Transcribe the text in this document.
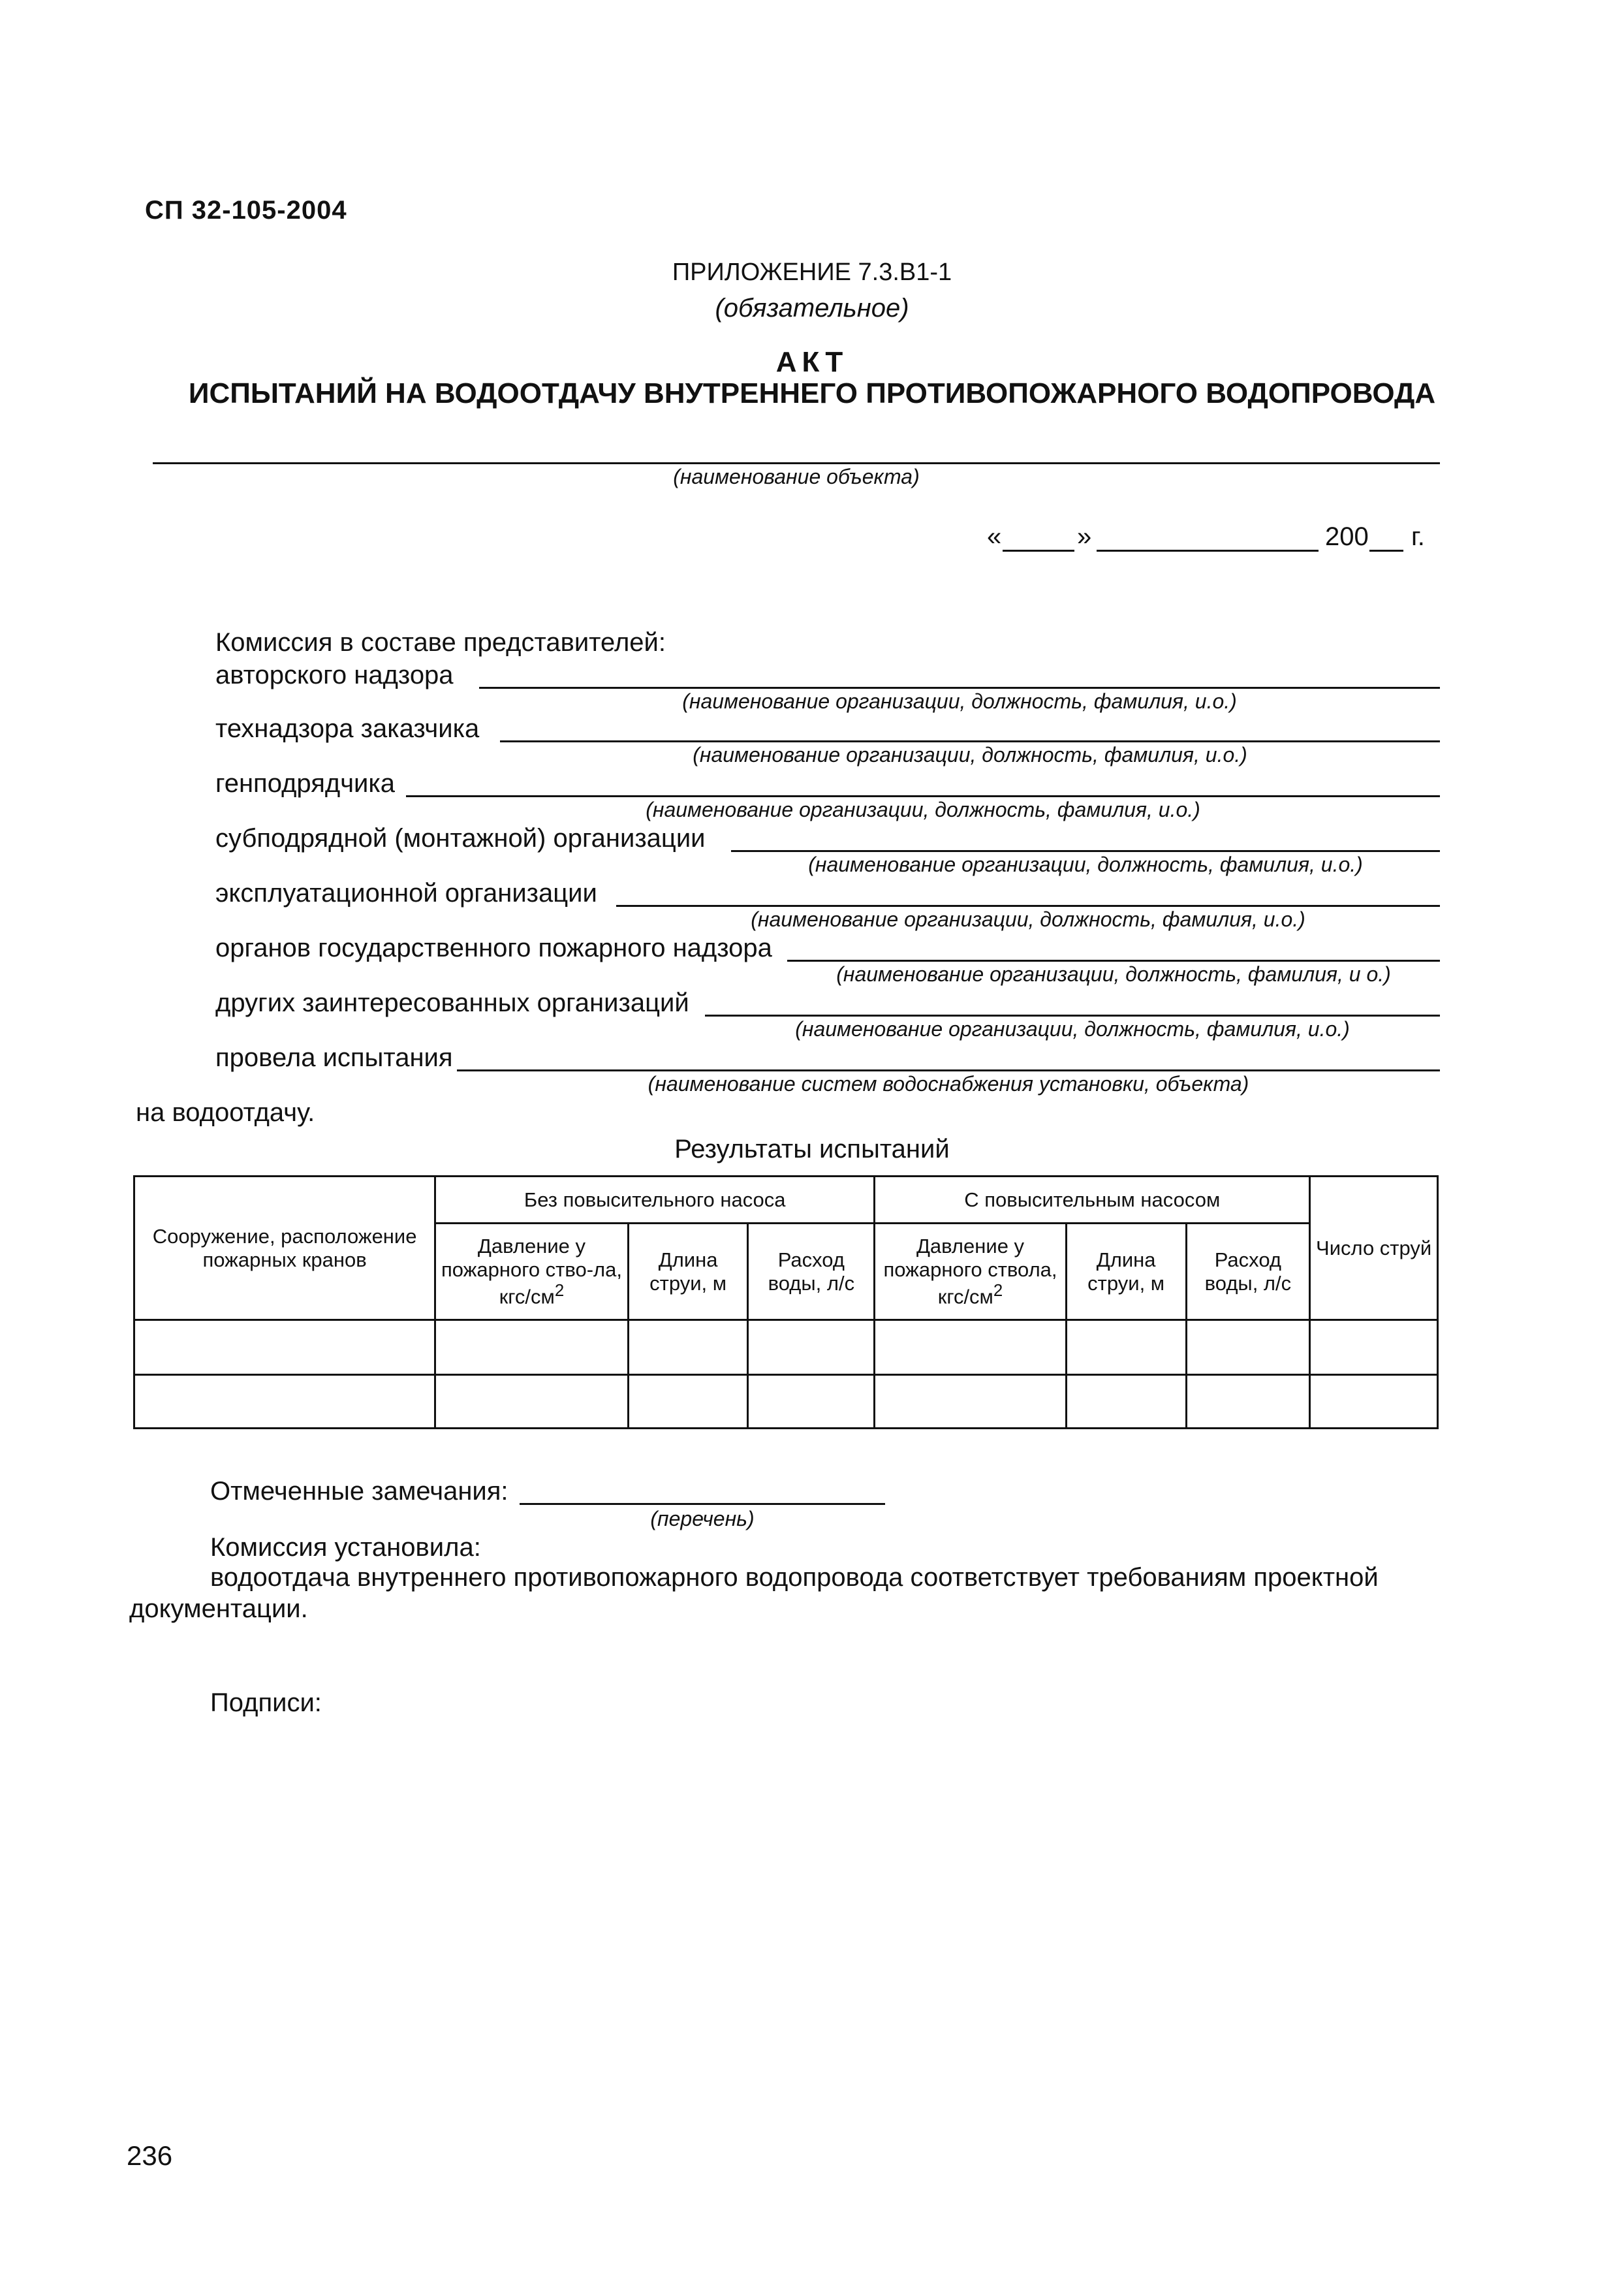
СП 32-105-2004
ПРИЛОЖЕНИЕ 7.3.В1-1
(обязательное)
АКТ
ИСПЫТАНИЙ НА ВОДООТДАЧУ ВНУТРЕННЕГО ПРОТИВОПОЖАРНОГО ВОДОПРОВОДА
(наименование объекта)
«	»	200 г.
Комиссия в составе представителей:
авторского надзора
(наименование организации, должность, фамилия, и.о.)
технадзора заказчика
(наименование организации, должность, фамилия, и.о.)
генподрядчика
(наименование организации, должность, фамилия, и.о.)
субподрядной (монтажной) организации
(наименование организации, должность, фамилия, и.о.)
эксплуатационной организации
(наименование организации, должность, фамилия, и.о.)
органов государственного пожарного надзора
(наименование организации, должность, фамилия, и о.)
других заинтересованных организаций
(наименование организации, должность, фамилия, и.о.)
провела испытания
(наименование систем водоснабжения установки, объекта)
на водоотдачу.
Результаты испытаний
Сооружение, расположение пожарных кранов	Без повысительного насоса			С повысительным насосом			Число струй
	Давление у пожарного ство-ла, кгс/$см^2$	Длина струи, м	Расход воды, л/с	Давление у пожарного ствола, кгс/$см^2$	Длина струи, м	Расход воды, л/с	

Отмеченные замечания:
(перечень)
Комиссия установила:
водоотдача внутреннего противопожарного водопровода соответствует требованиям проектной
документации.
Подписи:
236
